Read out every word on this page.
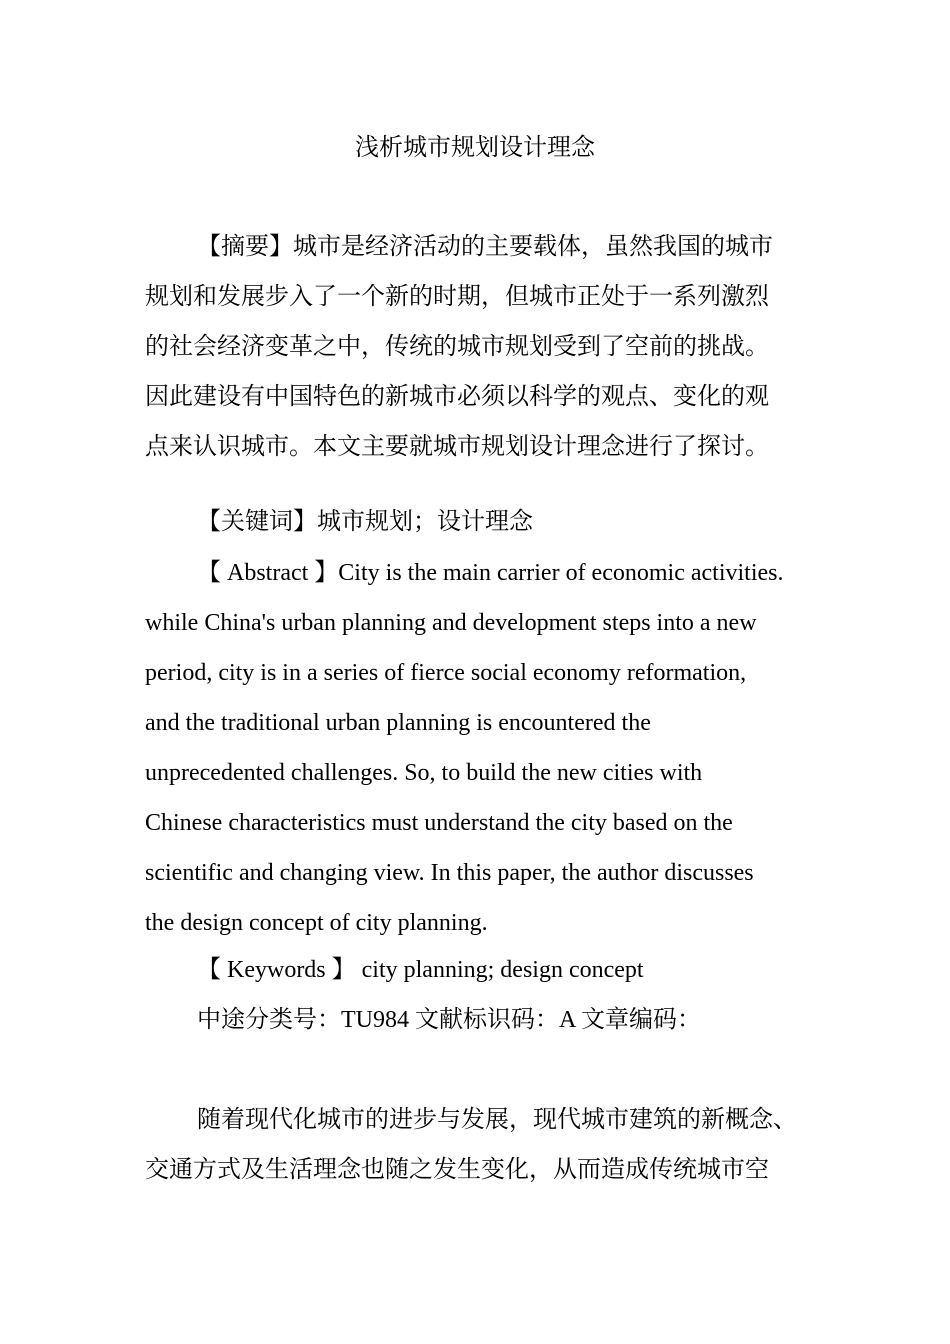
浅析城市规划设计理念
【摘要】城市是经济活动的主要载体，虽然我国的城市
规划和发展步入了一个新的时期，但城市正处于一系列激烈
的社会经济变革之中，传统的城市规划受到了空前的挑战。
因此建设有中国特色的新城市必须以科学的观点、变化的观
点来认识城市。本文主要就城市规划设计理念进行了探讨。
【关键词】城市规划；设计理念
【 Abstract 】City is the main carrier of economic activities.
while China's urban planning and development steps into a new
period, city is in a series of fierce social economy reformation,
and the traditional urban planning is encountered the
unprecedented challenges. So, to build the new cities with
Chinese characteristics must understand the city based on the
scientific and changing view. In this paper, the author discusses
the design concept of city planning.
【 Keywords 】 city planning; design concept
中途分类号：TU984 文献标识码：A 文章编码：
随着现代化城市的进步与发展，现代城市建筑的新概念、
交通方式及生活理念也随之发生变化，从而造成传统城市空
